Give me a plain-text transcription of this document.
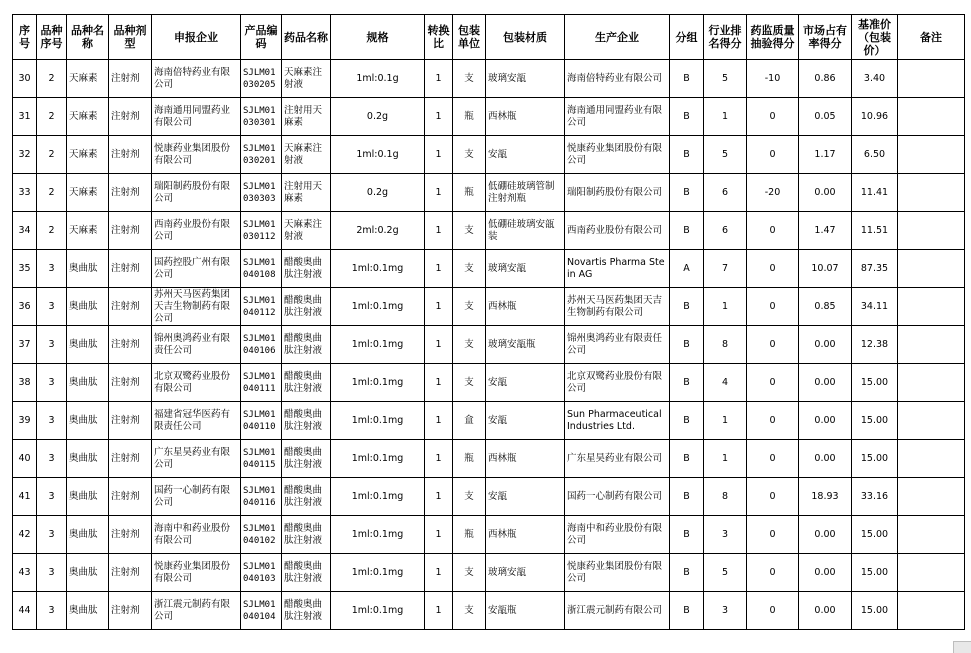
序号	品种序号	品种名称	品种剂型	申报企业	产品编码	药品名称	规格	转换比	包装单位	包装材质	生产企业	分组	行业排名得分	药监质量抽验得分	市场占有率得分	基准价（包装价）	备注
30	2	天麻素	注射剂	海南倍特药业有限公司	SJLM01030205	天麻素注射液	1ml:0.1g	1	支	玻璃安瓿	海南倍特药业有限公司	B	5	-10	0.86	3.40	
31	2	天麻素	注射剂	海南通用同盟药业有限公司	SJLM01030301	注射用天麻素	0.2g	1	瓶	西林瓶	海南通用同盟药业有限公司	B	1	0	0.05	10.96	
32	2	天麻素	注射剂	悦康药业集团股份有限公司	SJLM01030201	天麻素注射液	1ml:0.1g	1	支	安瓿	悦康药业集团股份有限公司	B	5	0	1.17	6.50	
33	2	天麻素	注射剂	瑞阳制药股份有限公司	SJLM01030303	注射用天麻素	0.2g	1	瓶	低硼硅玻璃管制注射剂瓶	瑞阳制药股份有限公司	B	6	-20	0.00	11.41	
34	2	天麻素	注射剂	西南药业股份有限公司	SJLM01030112	天麻素注射液	2ml:0.2g	1	支	低硼硅玻璃安瓿装	西南药业股份有限公司	B	6	0	1.47	11.51	
35	3	奥曲肽	注射剂	国药控股广州有限公司	SJLM01040108	醋酸奥曲肽注射液	1ml:0.1mg	1	支	玻璃安瓿	Novartis Pharma Stein AG	A	7	0	10.07	87.35	
36	3	奥曲肽	注射剂	苏州天马医药集团天吉生物制药有限公司	SJLM01040112	醋酸奥曲肽注射液	1ml:0.1mg	1	支	西林瓶	苏州天马医药集团天吉生物制药有限公司	B	1	0	0.85	34.11	
37	3	奥曲肽	注射剂	锦州奥鸿药业有限责任公司	SJLM01040106	醋酸奥曲肽注射液	1ml:0.1mg	1	支	玻璃安瓿瓶	锦州奥鸿药业有限责任公司	B	8	0	0.00	12.38	
38	3	奥曲肽	注射剂	北京双鹭药业股份有限公司	SJLM01040111	醋酸奥曲肽注射液	1ml:0.1mg	1	支	安瓿	北京双鹭药业股份有限公司	B	4	0	0.00	15.00	
39	3	奥曲肽	注射剂	福建省冠华医药有限责任公司	SJLM01040110	醋酸奥曲肽注射液	1ml:0.1mg	1	盒	安瓿	Sun Pharmaceutical Industries Ltd.	B	1	0	0.00	15.00	
40	3	奥曲肽	注射剂	广东星昊药业有限公司	SJLM01040115	醋酸奥曲肽注射液	1ml:0.1mg	1	瓶	西林瓶	广东星昊药业有限公司	B	1	0	0.00	15.00	
41	3	奥曲肽	注射剂	国药一心制药有限公司	SJLM01040116	醋酸奥曲肽注射液	1ml:0.1mg	1	支	安瓿	国药一心制药有限公司	B	8	0	18.93	33.16	
42	3	奥曲肽	注射剂	海南中和药业股份有限公司	SJLM01040102	醋酸奥曲肽注射液	1ml:0.1mg	1	瓶	西林瓶	海南中和药业股份有限公司	B	3	0	0.00	15.00	
43	3	奥曲肽	注射剂	悦康药业集团股份有限公司	SJLM01040103	醋酸奥曲肽注射液	1ml:0.1mg	1	支	玻璃安瓿	悦康药业集团股份有限公司	B	5	0	0.00	15.00	
44	3	奥曲肽	注射剂	浙江震元制药有限公司	SJLM01040104	醋酸奥曲肽注射液	1ml:0.1mg	1	支	安瓿瓶	浙江震元制药有限公司	B	3	0	0.00	15.00	
